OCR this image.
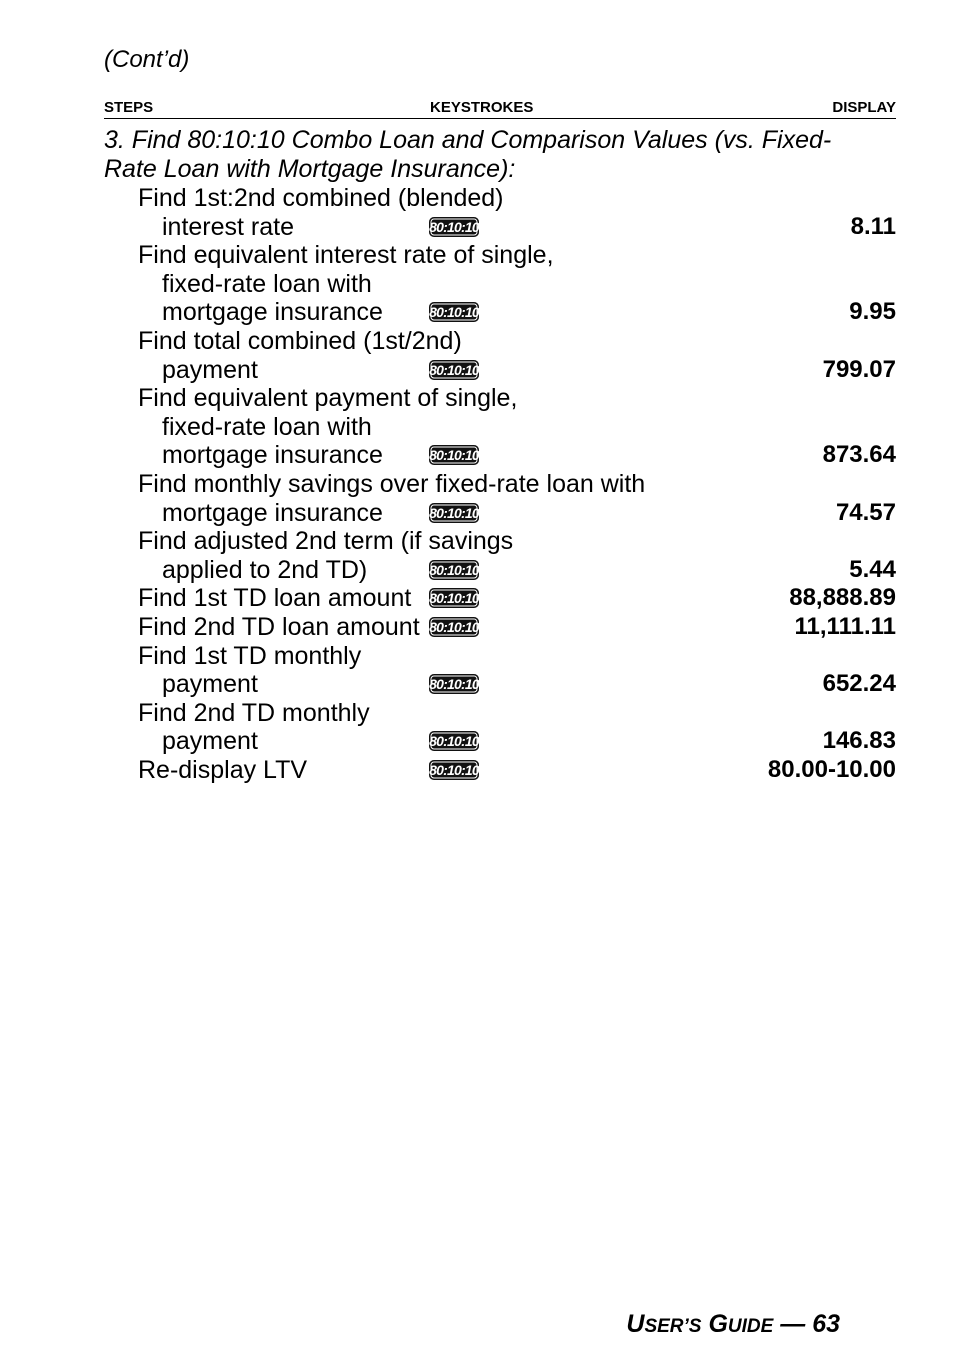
(Cont’d)
STEPS	KEYSTROKES	DISPLAY
3. Find 80:10:10 Combo Loan and Comparison Values (vs. Fixed-
Rate Loan with Mortgage Insurance):
Find 1st:2nd combined (blended)
interest rate	80:10:10	8.11
Find equivalent interest rate of single,
fixed-rate loan with
mortgage insurance	80:10:10	9.95
Find total combined (1st/2nd)
payment	80:10:10	799.07
Find equivalent payment of single,
fixed-rate loan with
mortgage insurance	80:10:10	873.64
Find monthly savings over fixed-rate loan with
mortgage insurance	80:10:10	74.57
Find adjusted 2nd term (if savings
applied to 2nd TD)	80:10:10	5.44
Find 1st TD loan amount 80:10:10	88,888.89
Find 2nd TD loan amount 80:10:10	11,111.11
Find 1st TD monthly
payment	80:10:10	652.24
Find 2nd TD monthly
payment	80:10:10	146.83
Re-display LTV	80:10:10	80.00-10.00
USER’S GUIDE — 63
